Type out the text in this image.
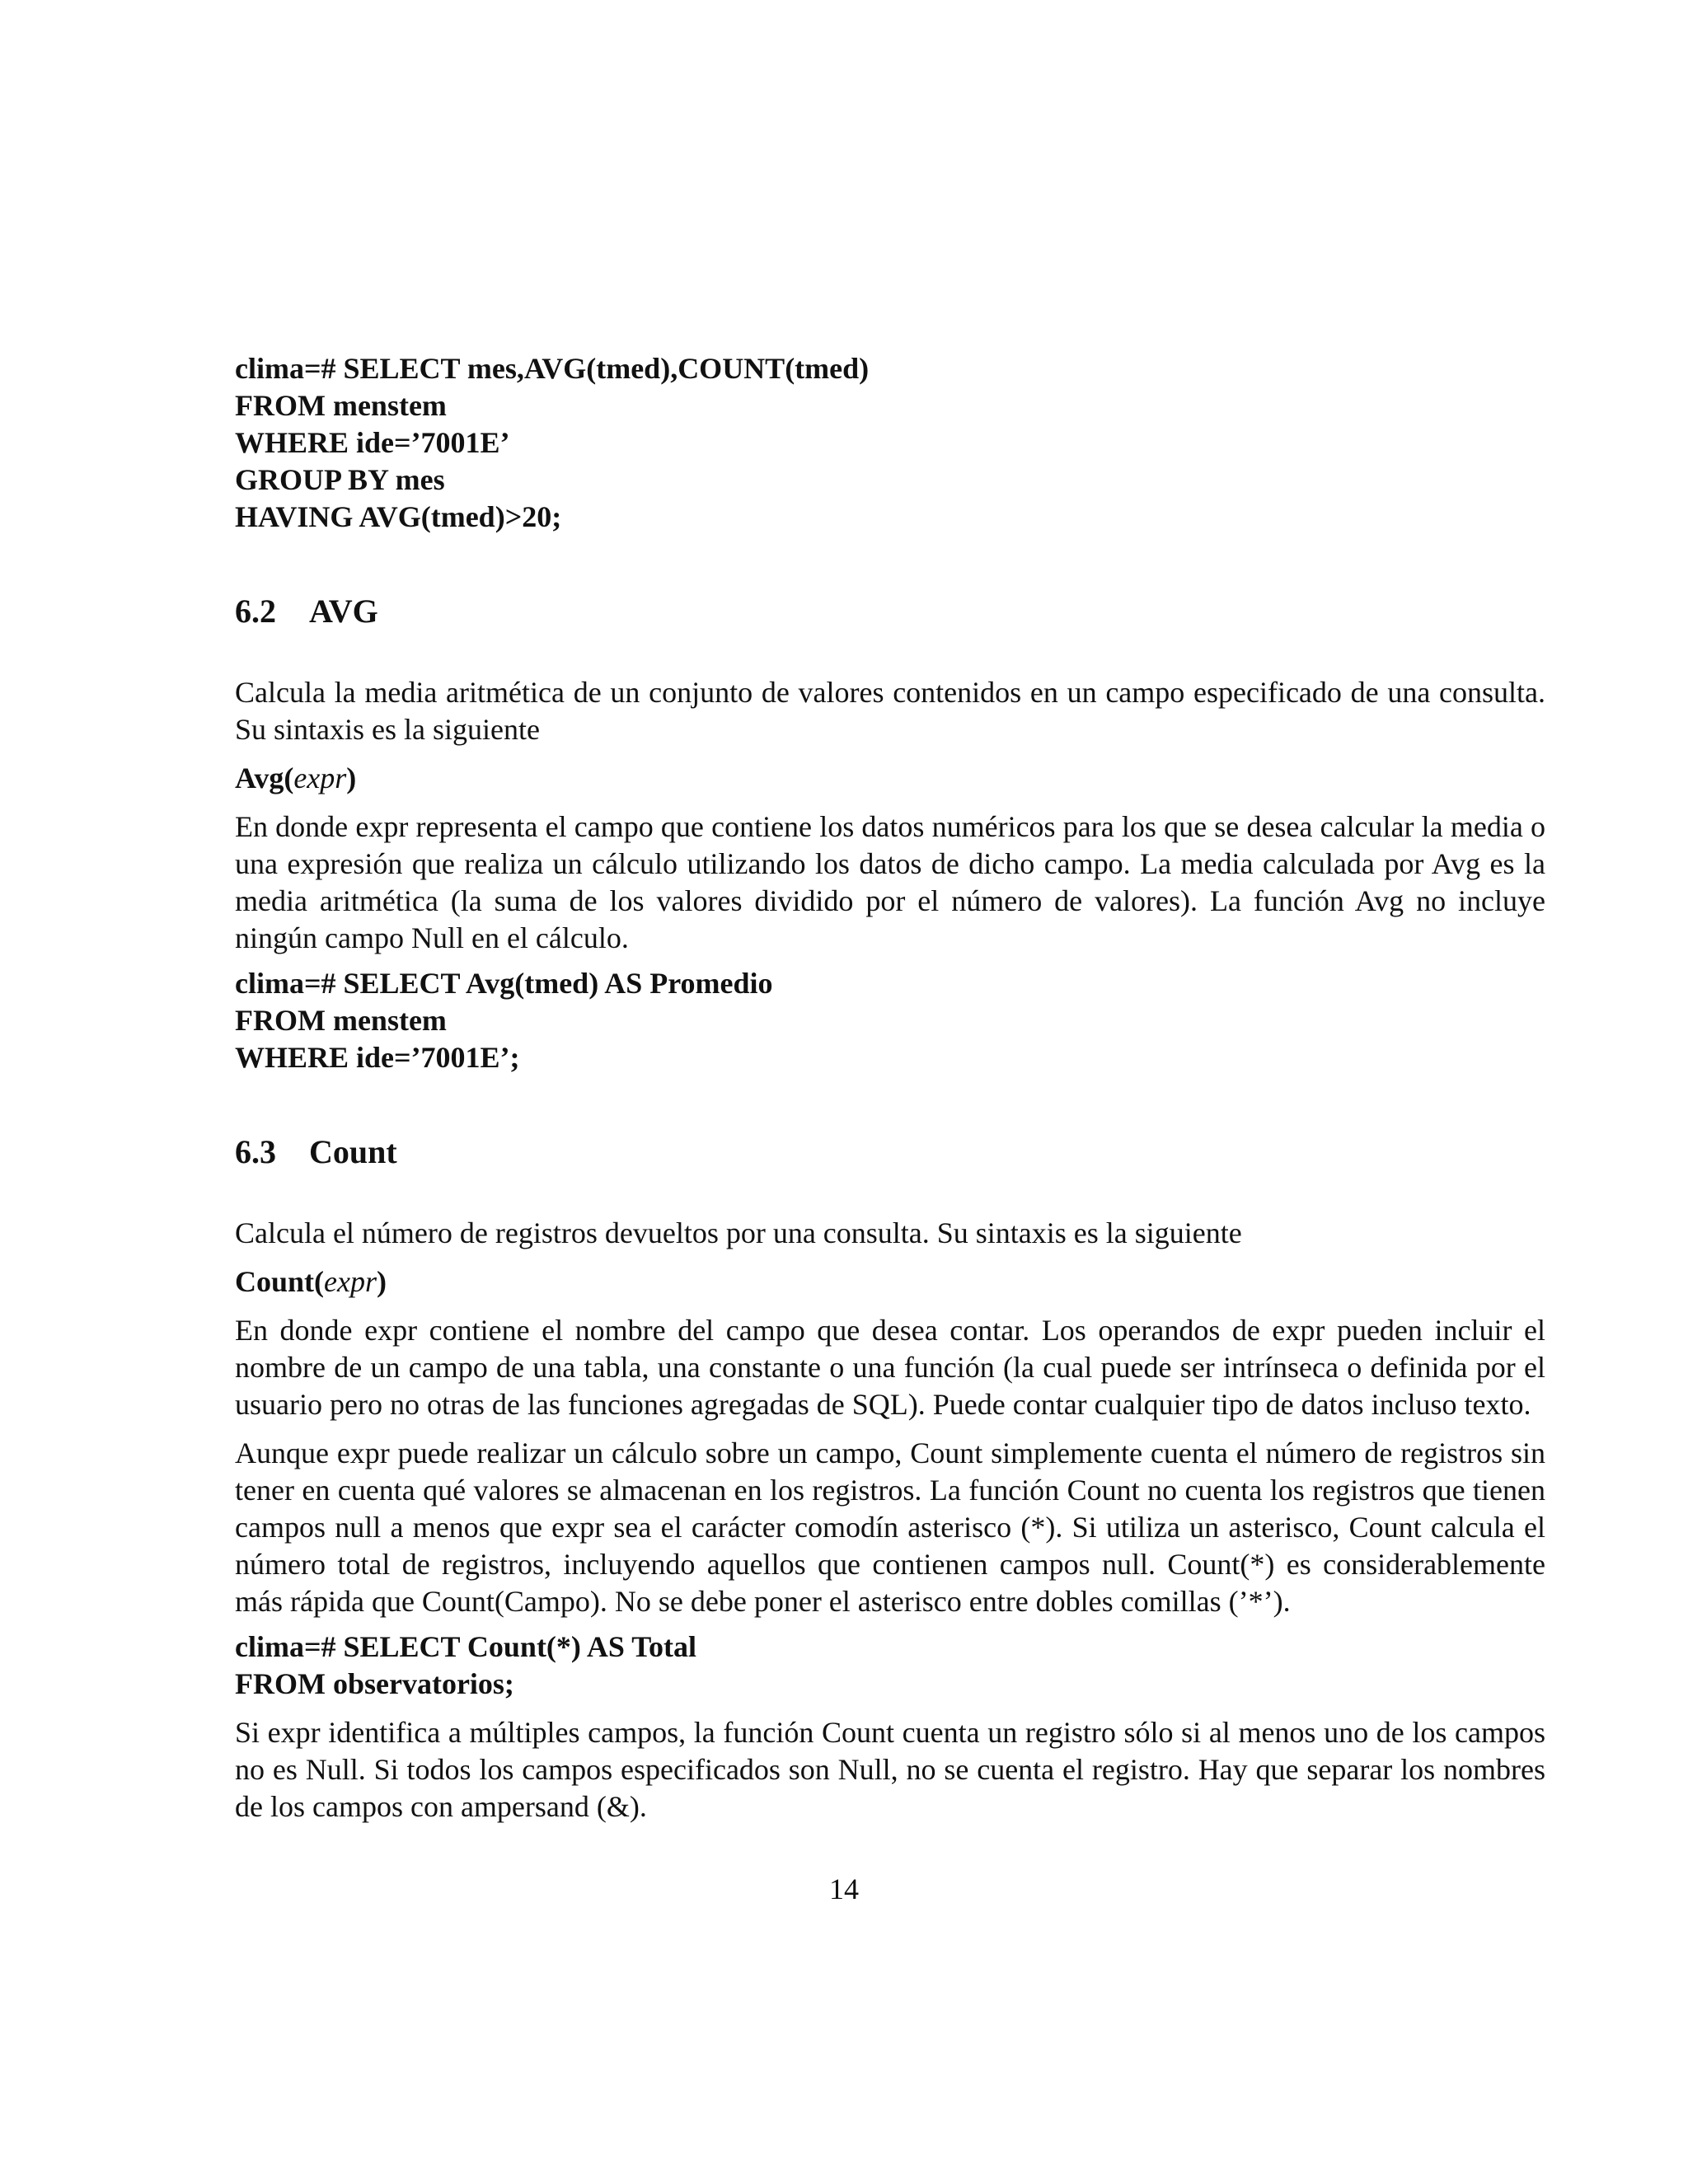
clima=# SELECT mes,AVG(tmed),COUNT(tmed)
FROM menstem
WHERE ide=’7001E’
GROUP BY mes
HAVING AVG(tmed)>20;
6.2 AVG

Calcula la media aritmética de un conjunto de valores contenidos en un campo especificado de una consulta. Su sintaxis es la siguiente

Avg(expr)

En donde expr representa el campo que contiene los datos numéricos para los que se desea calcular la media o una expresión que realiza un cálculo utilizando los datos de dicho campo. La media calculada por Avg es la media aritmética (la suma de los valores dividido por el número de valores). La función Avg no incluye ningún campo Null en el cálculo.

clima=# SELECT Avg(tmed) AS Promedio
FROM menstem
WHERE ide=’7001E’;
6.3 Count

Calcula el número de registros devueltos por una consulta. Su sintaxis es la siguiente

Count(expr)

En donde expr contiene el nombre del campo que desea contar. Los operandos de expr pueden incluir el nombre de un campo de una tabla, una constante o una función (la cual puede ser intrínseca o definida por el usuario pero no otras de las funciones agregadas de SQL). Puede contar cualquier tipo de datos incluso texto.

Aunque expr puede realizar un cálculo sobre un campo, Count simplemente cuenta el número de registros sin tener en cuenta qué valores se almacenan en los registros. La función Count no cuenta los registros que tienen campos null a menos que expr sea el carácter comodín asterisco (*). Si utiliza un asterisco, Count calcula el número total de registros, incluyendo aquellos que contienen campos null. Count(*) es considerablemente más rápida que Count(Campo). No se debe poner el asterisco entre dobles comillas (’*’).

clima=# SELECT Count(*) AS Total
FROM observatorios;

Si expr identifica a múltiples campos, la función Count cuenta un registro sólo si al menos uno de los campos no es Null. Si todos los campos especificados son Null, no se cuenta el registro. Hay que separar los nombres de los campos con ampersand (&).

14
